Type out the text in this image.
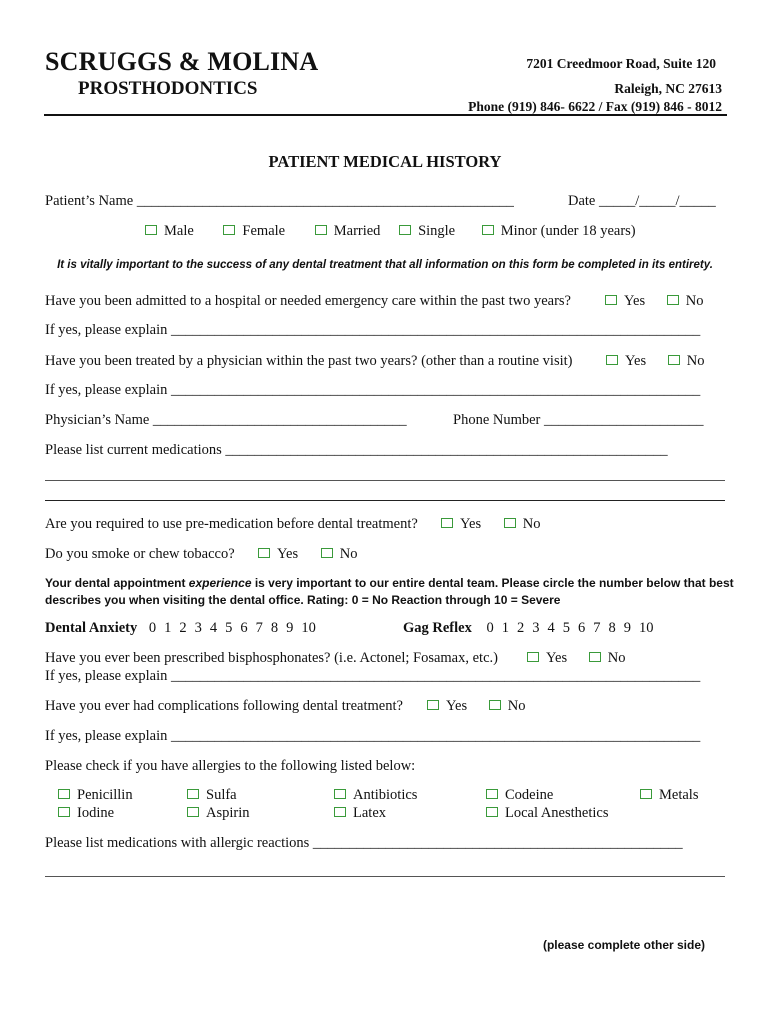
SCRUGGS & MOLINA
PROSTHODONTICS
7201 Creedmoor Road, Suite 120
Raleigh, NC 27613
Phone (919) 846- 6622 / Fax (919) 846 - 8012
PATIENT MEDICAL HISTORY
Patient’s Name ____________________________________________________	Date _____/_____/_____
Male	Female	Married	Single	Minor (under 18 years)
It is vitally important to the success of any dental treatment that all information on this form be completed in its entirety.
Have you been admitted to a hospital or needed emergency care within the past two years?	Yes	No
If yes, please explain _________________________________________________________________________
Have you been treated by a physician within the past two years? (other than a routine visit)	Yes	No
If yes, please explain _________________________________________________________________________
Physician’s Name ___________________________________	Phone Number ______________________
Please list current medications _____________________________________________________________
Are you required to use pre-medication before dental treatment?	Yes	No
Do you smoke or chew tobacco?	Yes	No
Your dental appointment experience is very important to our entire dental team. Please circle the number below that best describes you when visiting the dental office. Rating: 0 = No Reaction through 10 = Severe
Dental Anxiety 0 1 2 3 4 5 6 7 8 9 10	Gag Reflex 0 1 2 3 4 5 6 7 8 9 10
Have you ever been prescribed bisphosphonates? (i.e. Actonel; Fosamax, etc.)	Yes	No
If yes, please explain _________________________________________________________________________
Have you ever had complications following dental treatment?	Yes	No
If yes, please explain _________________________________________________________________________
Please check if you have allergies to the following listed below:
Penicillin	Sulfa	Antibiotics	Codeine	Metals
Iodine	Aspirin	Latex	Local Anesthetics
Please list medications with allergic reactions ___________________________________________________
(please complete other side)
